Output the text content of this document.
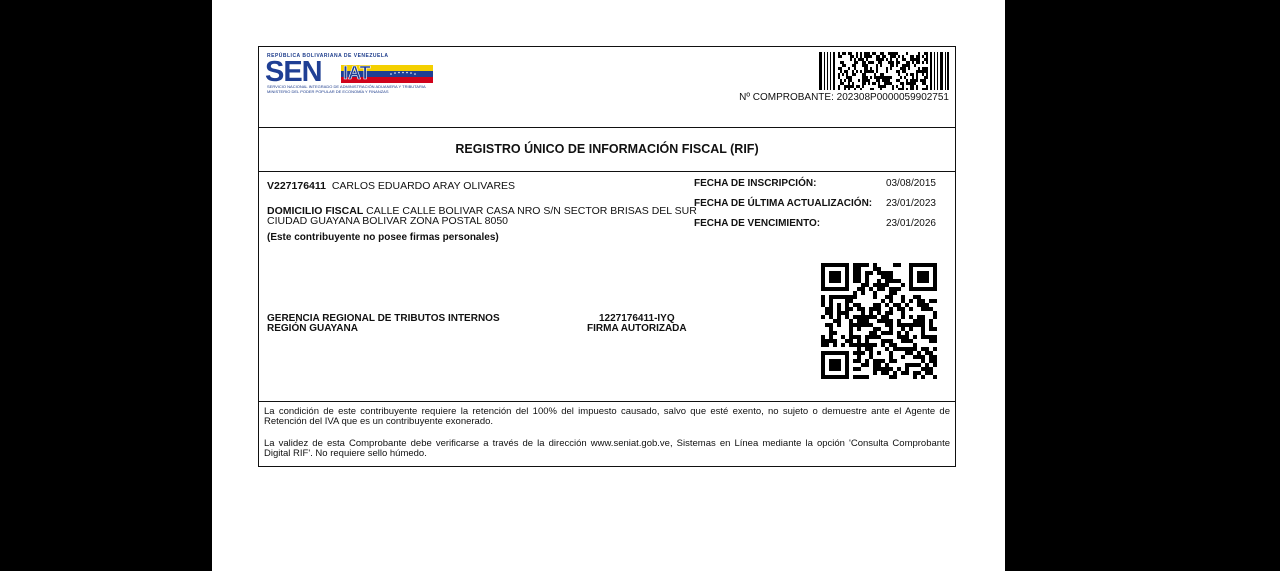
REPÚBLICA BOLIVARIANA DE VENEZUELA
SEN IAT
SERVICIO NACIONAL INTEGRADO DE ADMINISTRACIÓN ADUANERA Y TRIBUTARIA
MINISTERIO DEL PODER POPULAR DE ECONOMÍA Y FINANZAS
Nº COMPROBANTE: 202308P0000059902751
REGISTRO ÚNICO DE INFORMACIÓN FISCAL (RIF)
V227176411 CARLOS EDUARDO ARAY OLIVARES
DOMICILIO FISCAL CALLE CALLE BOLIVAR CASA NRO S/N SECTOR BRISAS DEL SUR CIUDAD GUAYANA BOLIVAR ZONA POSTAL 8050
(Este contribuyente no posee firmas personales)
FECHA DE INSCRIPCIÓN:	03/08/2015
FECHA DE ÚLTIMA ACTUALIZACIÓN: 23/01/2023
FECHA DE VENCIMIENTO:	23/01/2026
GERENCIA REGIONAL DE TRIBUTOS INTERNOS
REGIÓN GUAYANA
1227176411-IYQ
FIRMA AUTORIZADA

La condición de este contribuyente requiere la retención del 100% del impuesto causado, salvo que esté exento, no sujeto o demuestre ante el Agente de Retención del IVA que es un contribuyente exonerado.

La validez de esta Comprobante debe verificarse a través de la dirección www.seniat.gob.ve, Sistemas en Línea mediante la opción 'Consulta Comprobante Digital RIF'. No requiere sello húmedo.
